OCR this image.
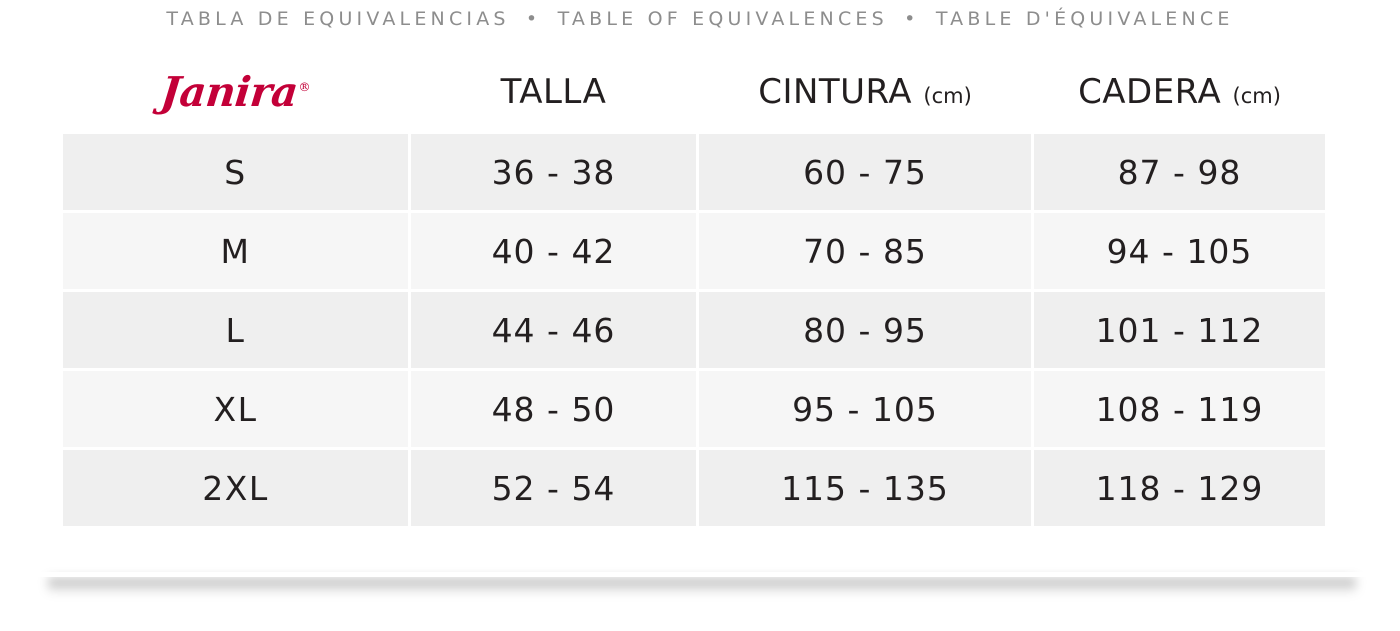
TABLA DE EQUIVALENCIAS • TABLE OF EQUIVALENCES • TABLE D'ÉQUIVALENCE
Janira®	TALLA	CINTURA (cm)	CADERA (cm)
S	36 - 38	60 - 75	87 - 98
M	40 - 42	70 - 85	94 - 105
L	44 - 46	80 - 95	101 - 112
XL	48 - 50	95 - 105	108 - 119
2XL	52 - 54	115 - 135	118 - 129
